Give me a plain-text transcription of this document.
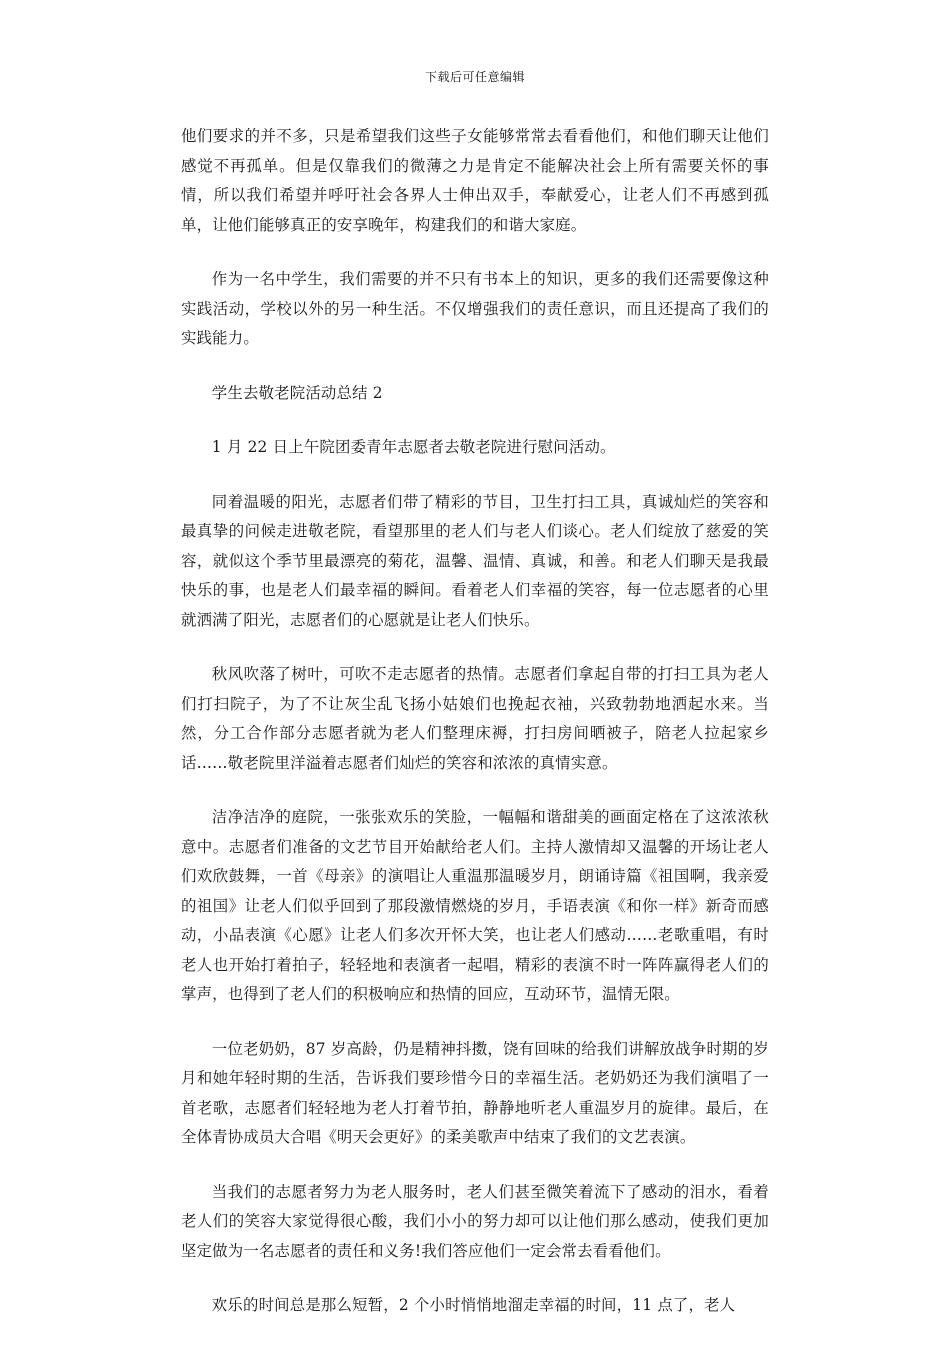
下载后可任意编辑

他们要求的并不多，只是希望我们这些子女能够常常去看看他们，和他们聊天让他们感觉不再孤单。但是仅靠我们的微薄之力是肯定不能解决社会上所有需要关怀的事情，所以我们希望并呼吁社会各界人士伸出双手，奉献爱心，让老人们不再感到孤单，让他们能够真正的安享晚年，构建我们的和谐大家庭。

作为一名中学生，我们需要的并不只有书本上的知识，更多的我们还需要像这种实践活动，学校以外的另一种生活。不仅增强我们的责任意识，而且还提高了我们的实践能力。

学生去敬老院活动总结 2

1 月 22 日上午院团委青年志愿者去敬老院进行慰问活动。

同着温暖的阳光，志愿者们带了精彩的节目，卫生打扫工具，真诚灿烂的笑容和最真挚的问候走进敬老院，看望那里的老人们与老人们谈心。老人们绽放了慈爱的笑容，就似这个季节里最漂亮的菊花，温馨、温情、真诚，和善。和老人们聊天是我最快乐的事，也是老人们最幸福的瞬间。看着老人们幸福的笑容，每一位志愿者的心里就洒满了阳光，志愿者们的心愿就是让老人们快乐。

秋风吹落了树叶，可吹不走志愿者的热情。志愿者们拿起自带的打扫工具为老人们打扫院子，为了不让灰尘乱飞扬小姑娘们也挽起衣袖，兴致勃勃地洒起水来。当然，分工合作部分志愿者就为老人们整理床褥，打扫房间晒被子，陪老人拉起家乡话……敬老院里洋溢着志愿者们灿烂的笑容和浓浓的真情实意。

洁净洁净的庭院，一张张欢乐的笑脸，一幅幅和谐甜美的画面定格在了这浓浓秋意中。志愿者们准备的文艺节目开始献给老人们。主持人激情却又温馨的开场让老人们欢欣鼓舞，一首《母亲》的演唱让人重温那温暖岁月，朗诵诗篇《祖国啊，我亲爱的祖国》让老人们似乎回到了那段激情燃烧的岁月，手语表演《和你一样》新奇而感动，小品表演《心愿》让老人们多次开怀大笑，也让老人们感动……老歌重唱，有时老人也开始打着拍子，轻轻地和表演者一起唱，精彩的表演不时一阵阵赢得老人们的掌声，也得到了老人们的积极响应和热情的回应，互动环节，温情无限。

一位老奶奶，87 岁高龄，仍是精神抖擞，饶有回味的给我们讲解放战争时期的岁月和她年轻时期的生活，告诉我们要珍惜今日的幸福生活。老奶奶还为我们演唱了一首老歌，志愿者们轻轻地为老人打着节拍，静静地听老人重温岁月的旋律。最后，在全体青协成员大合唱《明天会更好》的柔美歌声中结束了我们的文艺表演。

当我们的志愿者努力为老人服务时，老人们甚至微笑着流下了感动的泪水，看着老人们的笑容大家觉得很心酸，我们小小的努力却可以让他们那么感动，使我们更加坚定做为一名志愿者的责任和义务!我们答应他们一定会常去看看他们。

欢乐的时间总是那么短暂，2 个小时悄悄地溜走幸福的时间，11 点了，老人
